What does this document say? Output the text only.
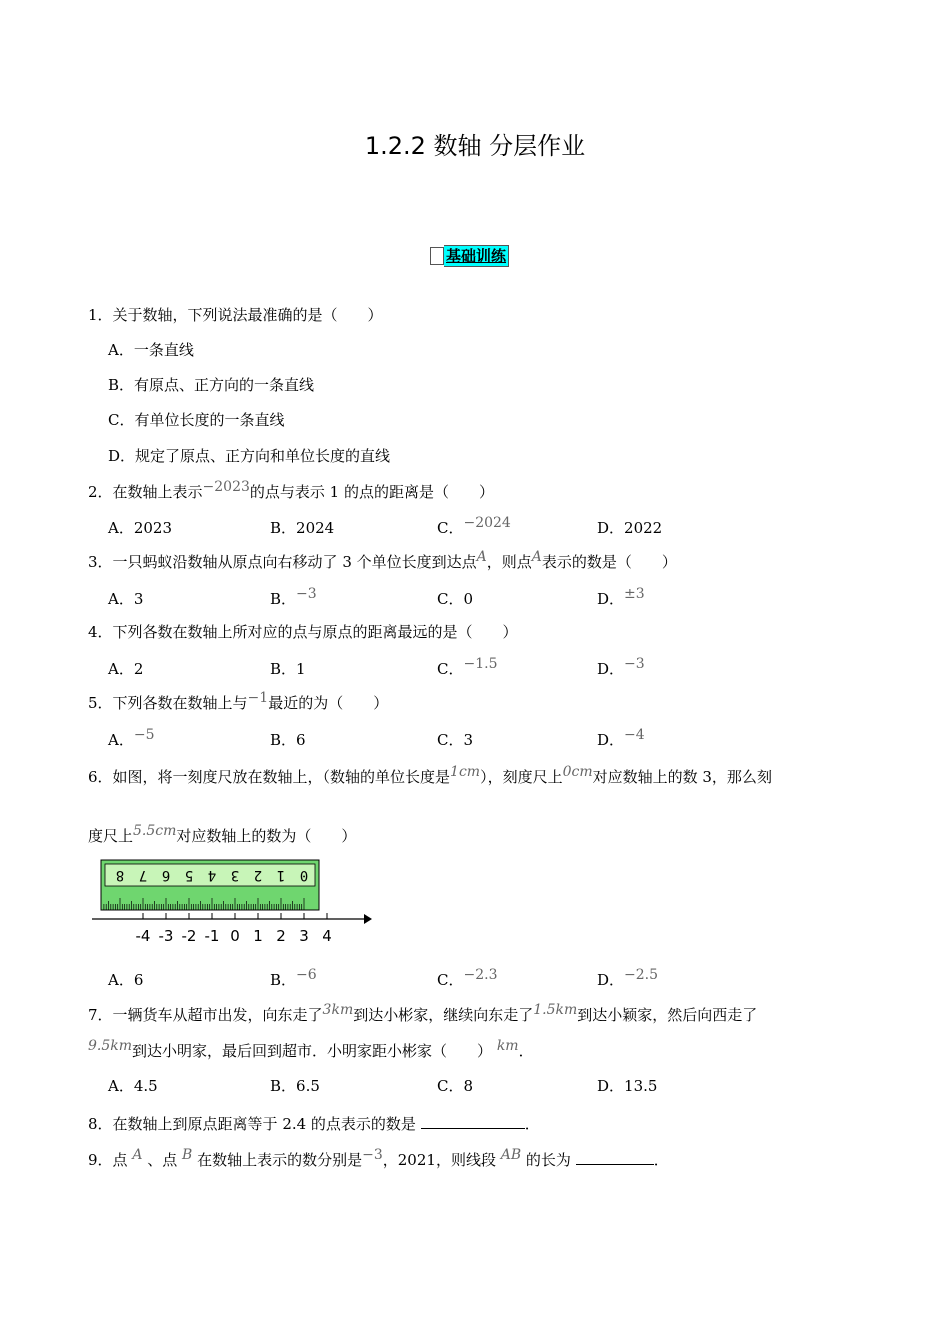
1.2.2 数轴 分层作业
基础训练
1．关于数轴，下列说法最准确的是（　　）
A．一条直线
B．有原点、正方向的一条直线
C．有单位长度的一条直线
D．规定了原点、正方向和单位长度的直线
2．在数轴上表示−2023的点与表示 1 的点的距离是（　　）
A．2023	B．2024	C．−2024	D．2022
3．一只蚂蚁沿数轴从原点向右移动了 3 个单位长度到达点A，则点A表示的数是（　　）
A．3	B．−3	C．0	D．±3
4．下列各数在数轴上所对应的点与原点的距离最远的是（　　）
A．2	B．1	C．−1.5	D．−3
5．下列各数在数轴上与−1最近的为（　　）
A．−5	B．6	C．3	D．−4
6．如图，将一刻度尺放在数轴上，（数轴的单位长度是1cm），刻度尺上0cm对应数轴上的数 3，那么刻
度尺上5.5cm对应数轴上的数为（　　）
8 7 6 5 4 3 2 1 0
-4 -3 -2 -1 0 1 2 3 4
A．6	B．−6	C．−2.3	D．−2.5
7．一辆货车从超市出发，向东走了3km到达小彬家，继续向东走了1.5km到达小颖家，然后向西走了
9.5km到达小明家，最后回到超市．小明家距小彬家（　　） km．
A．4.5	B．6.5	C．8	D．13.5
8．在数轴上到原点距离等于 2.4 的点表示的数是	．
9．点 A 、点 B 在数轴上表示的数分别是−3，2021，则线段 AB 的长为	．
